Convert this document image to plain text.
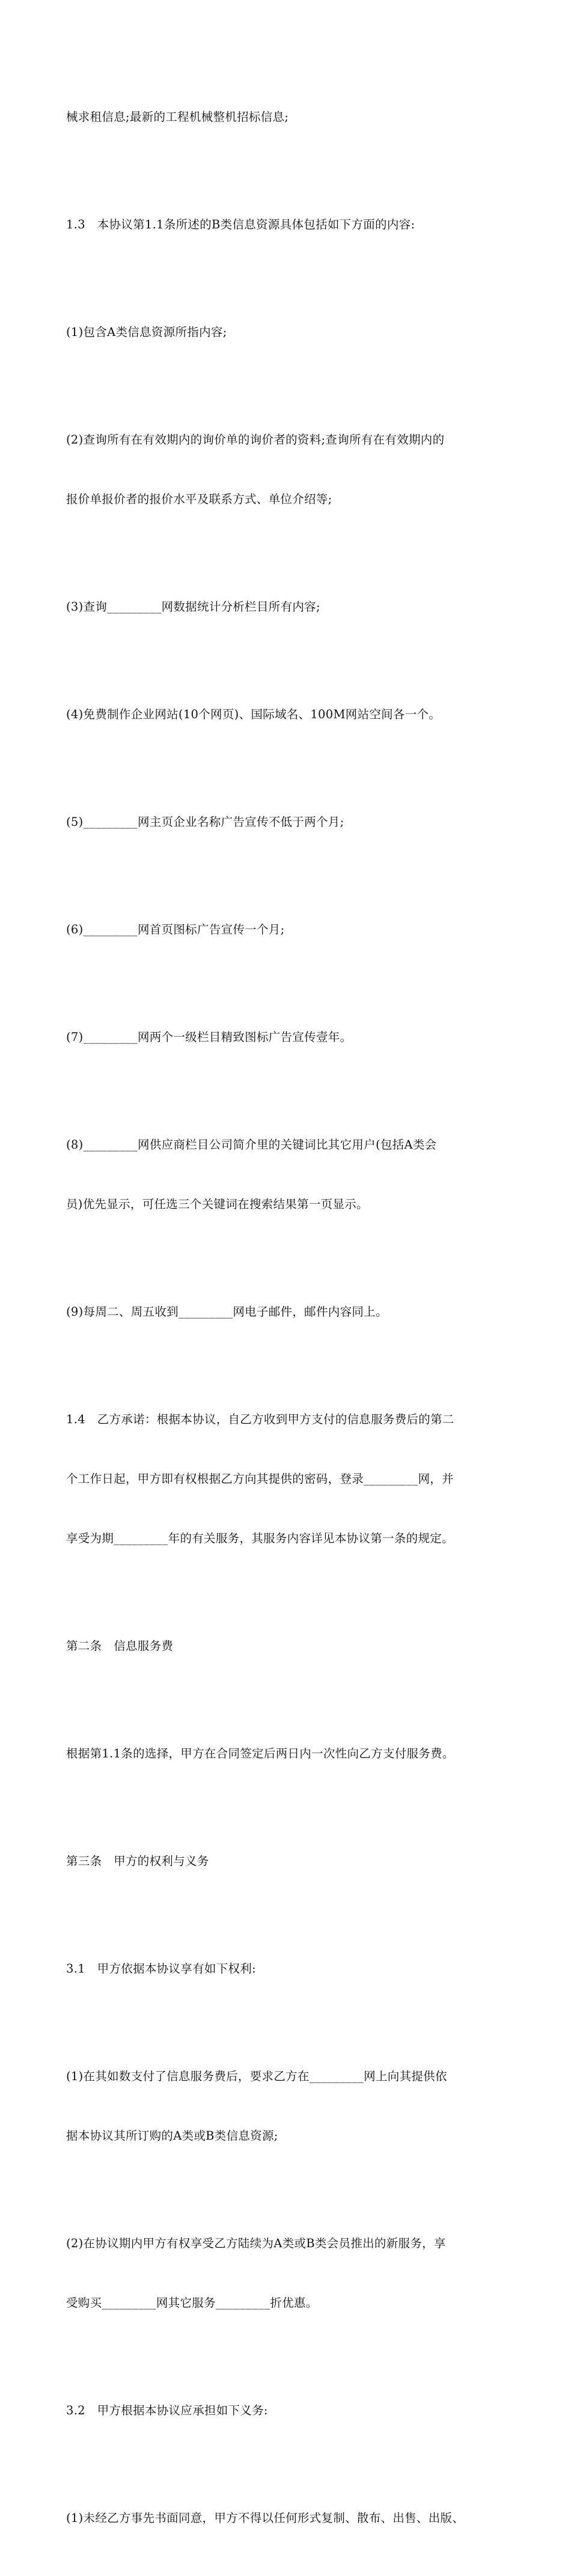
械求租信息;最新的工程机械整机招标信息;

1.3　本协议第1.1条所述的B类信息资源具体包括如下方面的内容:

(1)包含A类信息资源所指内容;

(2)查询所有在有效期内的询价单的询价者的资料;查询所有在有效期内的

报价单报价者的报价水平及联系方式、单位介绍等;

(3)查询_________网数据统计分析栏目所有内容;

(4)免费制作企业网站(10个网页)、国际域名、100M网站空间各一个。

(5)_________网主页企业名称广告宣传不低于两个月;

(6)_________网首页图标广告宣传一个月;

(7)_________网两个一级栏目精致图标广告宣传壹年。

(8)_________网供应商栏目公司简介里的关键词比其它用户(包括A类会

员)优先显示，可任选三个关键词在搜索结果第一页显示。

(9)每周二、周五收到_________网电子邮件，邮件内容同上。

1.4　乙方承诺：根据本协议，自乙方收到甲方支付的信息服务费后的第二

个工作日起，甲方即有权根据乙方向其提供的密码，登录_________网，并

享受为期_________年的有关服务，其服务内容详见本协议第一条的规定。

第二条　信息服务费

根据第1.1条的选择，甲方在合同签定后两日内一次性向乙方支付服务费。

第三条　甲方的权利与义务

3.1　甲方依据本协议享有如下权利:

(1)在其如数支付了信息服务费后，要求乙方在_________网上向其提供依

据本协议其所订购的A类或B类信息资源;

(2)在协议期内甲方有权享受乙方陆续为A类或B类会员推出的新服务，享

受购买_________网其它服务_________折优惠。

3.2　甲方根据本协议应承担如下义务:

(1)未经乙方事先书面同意，甲方不得以任何形式复制、散布、出售、出版、
